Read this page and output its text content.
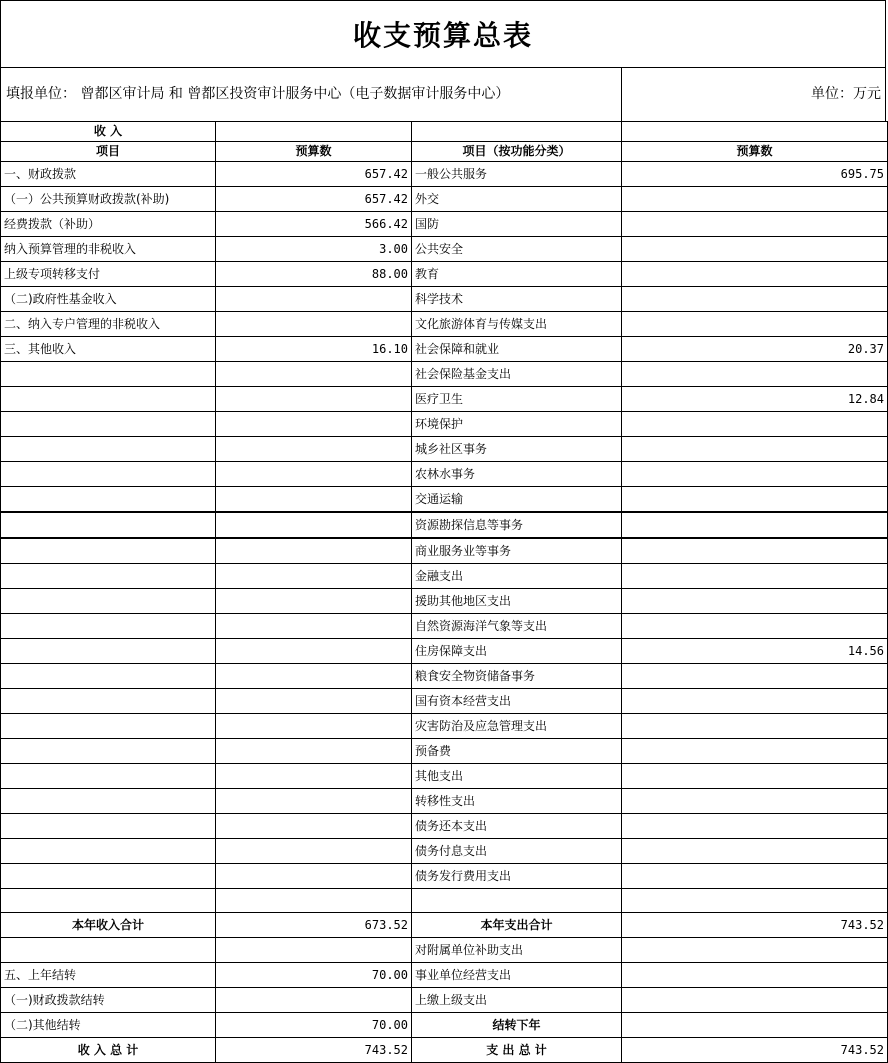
收支预算总表
填报单位： 曾都区审计局 和 曾都区投资审计服务中心（电子数据审计服务中心）	单位：万元
收 入			
项目	预算数	项目（按功能分类）	预算数
一、财政拨款	657.42	一般公共服务	695.75
（一）公共预算财政拨款(补助)	657.42	外交	
经费拨款（补助）	566.42	国防	
纳入预算管理的非税收入	3.00	公共安全	
上级专项转移支付	88.00	教育	
（二)政府性基金收入		科学技术	
二、纳入专户管理的非税收入		文化旅游体育与传媒支出	
三、其他收入	16.10	社会保障和就业	20.37
		社会保险基金支出	
		医疗卫生	12.84
		环境保护	
		城乡社区事务	
		农林水事务	
		交通运输	
		资源勘探信息等事务	
		商业服务业等事务	
		金融支出	
		援助其他地区支出	
		自然资源海洋气象等支出	
		住房保障支出	14.56
		粮食安全物资储备事务	
		国有资本经营支出	
		灾害防治及应急管理支出	
		预备费	
		其他支出	
		转移性支出	
		债务还本支出	
		债务付息支出	
		债务发行费用支出	

本年收入合计	673.52	本年支出合计	743.52
		对附属单位补助支出	
五、上年结转	70.00	事业单位经营支出	
（一)财政拨款结转		上缴上级支出	
（二)其他结转	70.00	结转下年	
收 入 总 计	743.52	支 出 总 计	743.52
